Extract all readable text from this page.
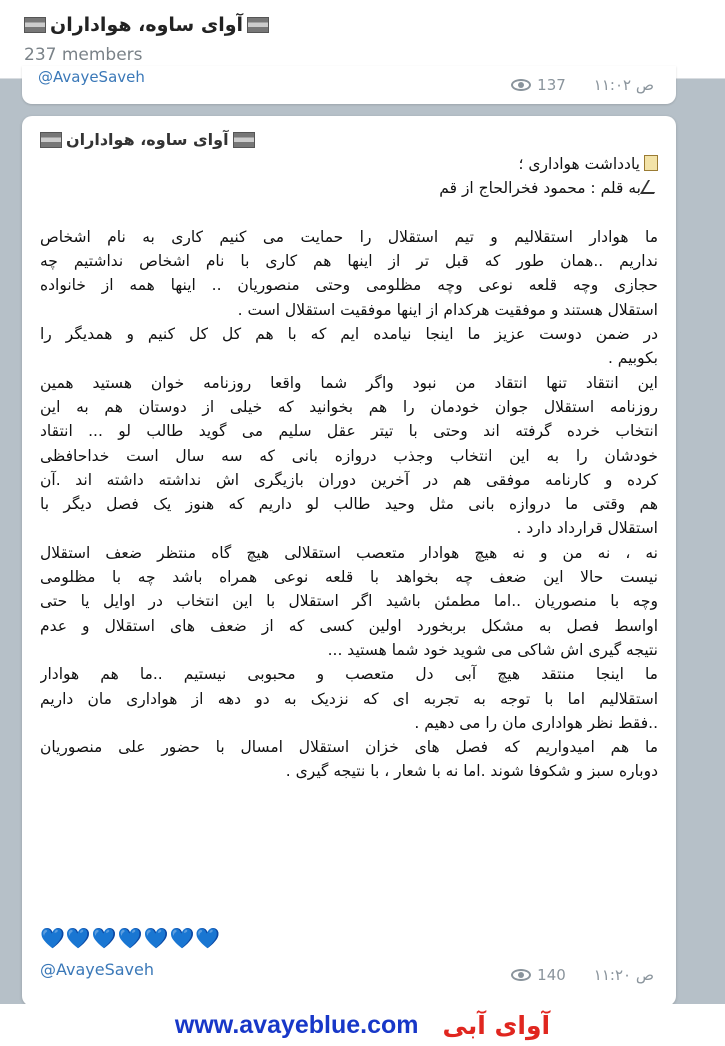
آوای ساوه، هواداران
237 members
@AvayeSaveh	137 ۱۱:۰۲ ص
آوای ساوه، هواداران
یادداشت هواداری ؛
به قلم : محمود فخرالحاج از قم
ما هوادار استقلالیم و تیم استقلال را حمایت می کنیم کاری به نام اشخاص
نداریم ..همان طور که قبل تر از اینها هم کاری با نام اشخاص نداشتیم چه
حجازی وچه قلعه نوعی وچه مظلومی وحتی منصوریان .. اینها همه از خانواده
استقلال هستند و موفقیت هرکدام از اینها موفقیت استقلال است .
در ضمن دوست عزیز ما اینجا نیامده ایم که با هم کل کل کنیم و همدیگر را
بکوبیم .
این انتقاد تنها انتقاد من نبود واگر شما واقعا روزنامه خوان هستید همین
روزنامه استقلال جوان خودمان را هم بخوانید که خیلی از دوستان هم به این
انتخاب خرده گرفته اند وحتی با تیتر عقل سلیم می گوید طالب لو ... انتقاد
خودشان را به این انتخاب وجذب دروازه بانی که سه سال است خداحافظی
کرده و کارنامه موفقی هم در آخرین دوران بازیگری اش نداشته داشته اند .آن
هم وقتی ما دروازه بانی مثل وحید طالب لو داریم که هنوز یک فصل دیگر با
استقلال قرارداد دارد .
نه ، نه من و نه هیچ هوادار متعصب استقلالی هیچ گاه منتظر ضعف استقلال
نیست حالا این ضعف چه بخواهد با قلعه نوعی همراه باشد چه با مظلومی
وچه با منصوریان ..اما مطمئن باشید اگر استقلال با این انتخاب در اوایل یا حتی
اواسط فصل به مشکل بربخورد اولین کسی که از ضعف های استقلال و عدم
نتیجه گیری اش شاکی می شوید خود شما هستید ...
ما اینجا منتقد هیچ آبی دل متعصب و محبوبی نیستیم ..ما هم هوادار
استقلالیم اما با توجه به تجربه ای که نزدیک به دو دهه از هواداری مان داریم
..فقط نظر هواداری مان را می دهیم .
ما هم امیدواریم که فصل های خزان استقلال امسال با حضور علی منصوریان
دوباره سبز و شکوفا شوند .اما نه با شعار ، با نتیجه گیری .
💙💙💙💙💙💙💙
@AvayeSaveh	140 ۱۱:۲۰ ص
www.avayeblue.com آوای آبی
